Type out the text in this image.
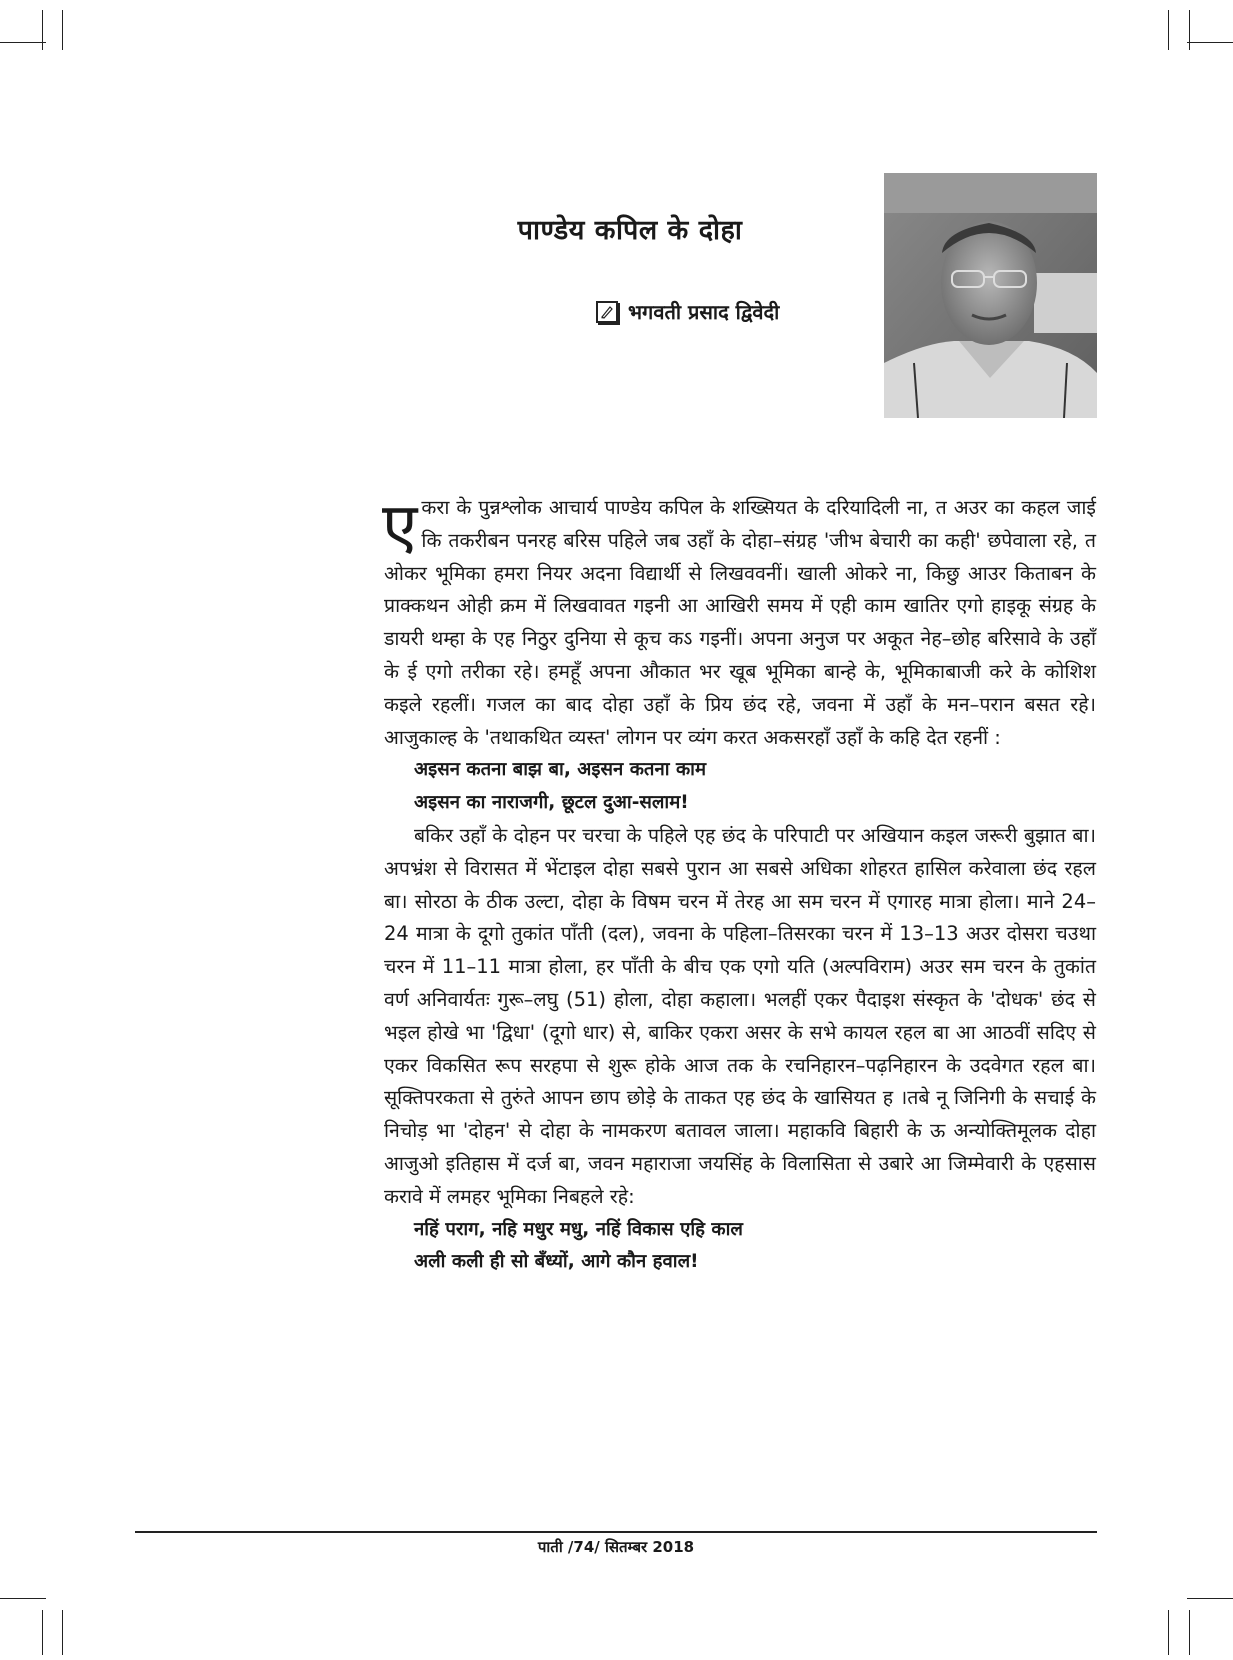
पाण्डेय कपिल के दोहा
भगवती प्रसाद द्विवेदी

एकरा के पुन्नश्लोक आचार्य पाण्डेय कपिल के शख्सियत के दरियादिली ना, त अउर का कहल जाई कि तकरीबन पनरह बरिस पहिले जब उहाँ के दोहा–संग्रह 'जीभ बेचारी का कही' छपेवाला रहे, त ओकर भूमिका हमरा नियर अदना विद्यार्थी से लिखववनीं। खाली ओकरे ना, किछु आउर किताबन के प्राक्कथन ओही क्रम में लिखवावत गइनी आ आखिरी समय में एही काम खातिर एगो हाइकू संग्रह के डायरी थम्हा के एह निठुर दुनिया से कूच कऽ गइनीं। अपना अनुज पर अकूत नेह–छोह बरिसावे के उहाँ के ई एगो तरीका रहे। हमहूँ अपना औकात भर खूब भूमिका बान्हे के, भूमिकाबाजी करे के कोशिश कइले रहलीं। गजल का बाद दोहा उहाँ के प्रिय छंद रहे, जवना में उहाँ के मन–परान बसत रहे। आजुकाल्ह के 'तथाकथित व्यस्त' लोगन पर व्यंग करत अकसरहाँ उहाँ के कहि देत रहनीं :

अइसन कतना बाझ बा, अइसन कतना काम

अइसन का नाराजगी, छूटल दुआ-सलाम!

बकिर उहाँ के दोहन पर चरचा के पहिले एह छंद के परिपाटी पर अखियान कइल जरूरी बुझात बा। अपभ्रंश से विरासत में भेंटाइल दोहा सबसे पुरान आ सबसे अधिका शोहरत हासिल करेवाला छंद रहल बा। सोरठा के ठीक उल्टा, दोहा के विषम चरन में तेरह आ सम चरन में एगारह मात्रा होला। माने 24–24 मात्रा के दूगो तुकांत पाँती (दल), जवना के पहिला–तिसरका चरन में 13–13 अउर दोसरा चउथा चरन में 11–11 मात्रा होला, हर पाँती के बीच एक एगो यति (अल्पविराम) अउर सम चरन के तुकांत वर्ण अनिवार्यतः गुरू–लघु (51) होला, दोहा कहाला। भलहीं एकर पैदाइश संस्कृत के 'दोधक' छंद से भइल होखे भा 'द्विधा' (दूगो धार) से, बाकिर एकरा असर के सभे कायल रहल बा आ आठवीं सदिए से एकर विकसित रूप सरहपा से शुरू होके आज तक के रचनिहारन–पढ़निहारन के उदवेगत रहल बा। सूक्तिपरकता से तुरुंते आपन छाप छोड़े के ताकत एह छंद के खासियत ह ।तबे नू जिनिगी के सचाई के निचोड़ भा 'दोहन' से दोहा के नामकरण बतावल जाला। महाकवि बिहारी के ऊ अन्योक्तिमूलक दोहा आजुओ इतिहास में दर्ज बा, जवन महाराजा जयसिंह के विलासिता से उबारे आ जिम्मेवारी के एहसास करावे में लमहर भूमिका निबहले रहे:

नहिं पराग, नहि मधुर मधु, नहिं विकास एहि काल

अली कली ही सो बँध्यों, आगे कौन हवाल!

पाती /74/ सितम्बर 2018
